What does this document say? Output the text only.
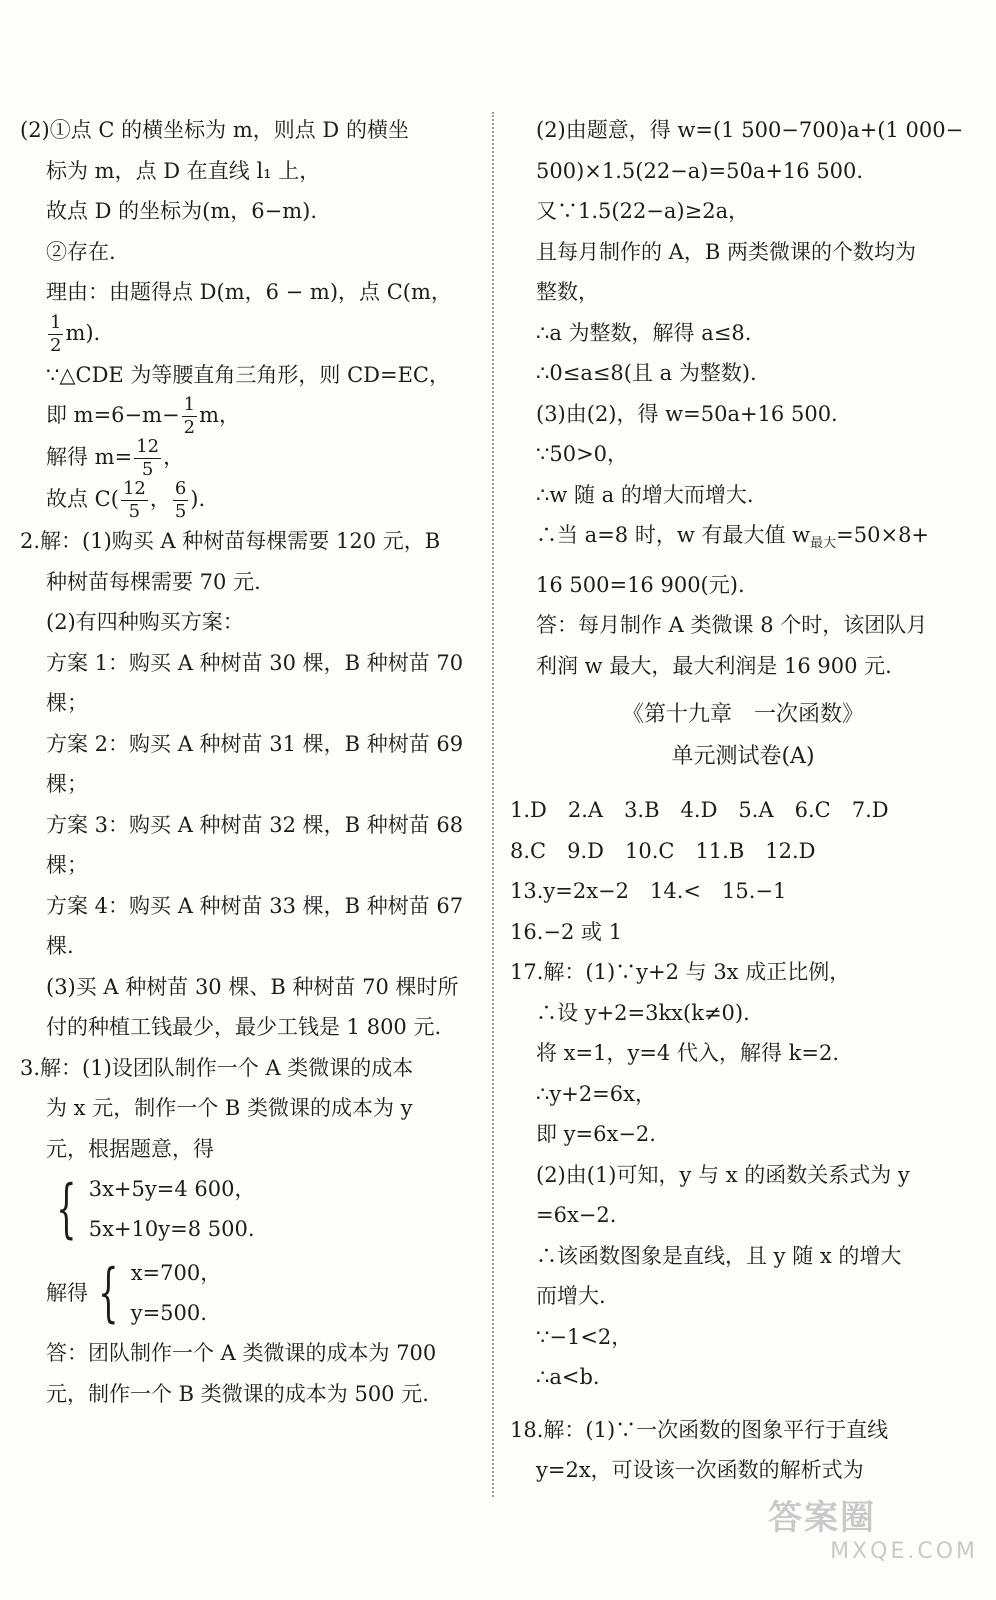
(2)①点 C 的横坐标为 m，则点 D 的横坐
标为 m，点 D 在直线 l₁ 上，
故点 D 的坐标为(m，6−m).
②存在.
理由：由题得点 D(m，6 − m)，点 C(m，
$\frac{1}{2} m$).
∵△CDE 为等腰直角三角形，则 CD=EC，
即 $m=6-m- \frac{1}{2}$ m，
解得 $m= \frac{12}{5}$ ，
故点 $C( \frac{12}{5}$ ， $\frac{6}{5}$ ).
2.解：(1)购买 A 种树苗每棵需要 120 元，B
种树苗每棵需要 70 元.
(2)有四种购买方案：
方案 1：购买 A 种树苗 30 棵，B 种树苗 70
棵；
方案 2：购买 A 种树苗 31 棵，B 种树苗 69
棵；
方案 3：购买 A 种树苗 32 棵，B 种树苗 68
棵；
方案 4：购买 A 种树苗 33 棵，B 种树苗 67
棵.
(3)买 A 种树苗 30 棵、B 种树苗 70 棵时所
付的种植工钱最少，最少工钱是 1 800 元.
3.解：(1)设团队制作一个 A 类微课的成本
为 x 元，制作一个 B 类微课的成本为 y
元，根据题意，得
{ 3x+5y=4 600，
5x+10y=8 500.
解得 { x=700，
y=500.
答：团队制作一个 A 类微课的成本为 700
元，制作一个 B 类微课的成本为 500 元.
(2)由题意，得 w=(1 500−700)a+(1 000−
500)×1.5(22−a)=50a+16 500.
又∵1.5(22−a)≥2a，
且每月制作的 A，B 两类微课的个数均为
整数，
∴a 为整数，解得 a≤8.
∴0≤a≤8(且 a 为整数).
(3)由(2)，得 w=50a+16 500.
∵50>0，
∴w 随 a 的增大而增大.
∴当 a=8 时，w 有最大值 $w_{最大}=50\times 8+$
16 500=16 900(元).
答：每月制作 A 类微课 8 个时，该团队月
利润 w 最大，最大利润是 16 900 元.
《第十九章　一次函数》
单元测试卷(A)
1.D　2.A　3.B　4.D　5.A　6.C　7.D
8.C　9.D　10.C　11.B　12.D
13.y=2x−2　14.<　15.−1
16.−2 或 1
17.解：(1)∵y+2 与 3x 成正比例，
∴设 y+2=3kx(k≠0).
将 x=1，y=4 代入，解得 k=2.
∴y+2=6x，
即 y=6x−2.
(2)由(1)可知，y 与 x 的函数关系式为 y
=6x−2.
∴该函数图象是直线，且 y 随 x 的增大
而增大.
∵−1<2，
∴a<b.
18.解：(1)∵一次函数的图象平行于直线
y=2x，可设该一次函数的解析式为
答案圈
MXQE.COM
